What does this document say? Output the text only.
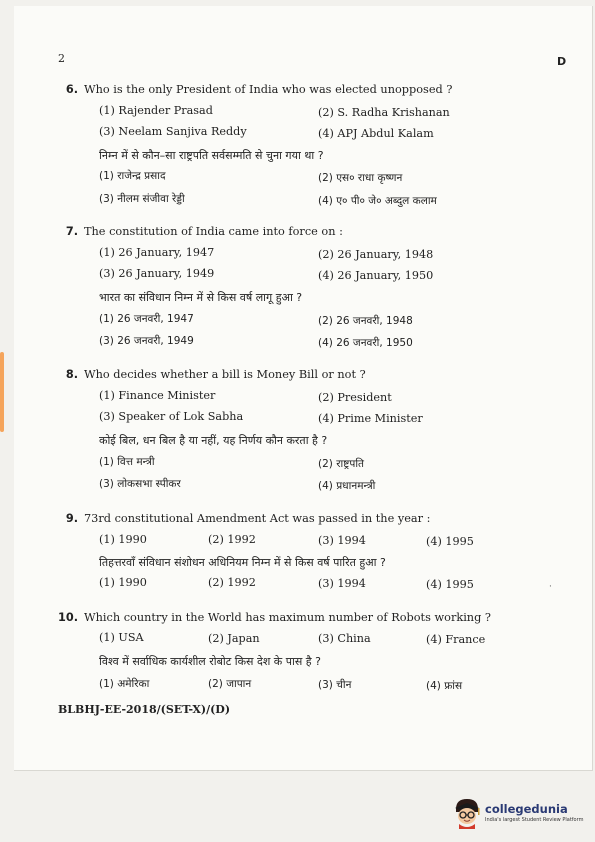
2	D
6. Who is the only President of India who was elected unopposed ?
(1) Rajender Prasad	(2) S. Radha Krishanan
(3) Neelam Sanjiva Reddy	(4) APJ Abdul Kalam
निम्न में से कौन–सा राष्ट्रपति सर्वसम्मति से चुना गया था ?
(1) राजेन्द्र प्रसाद	(2) एस० राधा कृष्णन
(3) नीलम संजीवा रेड्डी	(4) ए० पी० जे० अब्दुल कलाम
7. The constitution of India came into force on :
(1) 26 January, 1947	(2) 26 January, 1948
(3) 26 January, 1949	(4) 26 January, 1950
भारत का संविधान निम्न में से किस वर्ष लागू हुआ ?
(1) 26 जनवरी, 1947	(2) 26 जनवरी, 1948
(3) 26 जनवरी, 1949	(4) 26 जनवरी, 1950
8. Who decides whether a bill is Money Bill or not ?
(1) Finance Minister	(2) President
(3) Speaker of Lok Sabha	(4) Prime Minister
कोई बिल, धन बिल है या नहीं, यह निर्णय कौन करता है ?
(1) वित्त मन्त्री	(2) राष्ट्रपति
(3) लोकसभा स्पीकर	(4) प्रधानमन्त्री
9. 73rd constitutional Amendment Act was passed in the year :
(1) 1990	(2) 1992	(3) 1994	(4) 1995
तिहत्तरवाँ संविधान संशोधन अधिनियम निम्न में से किस वर्ष पारित हुआ ?
(1) 1990	(2) 1992	(3) 1994	(4) 1995
10. Which country in the World has maximum number of Robots working ?
(1) USA	(2) Japan	(3) China	(4) France
विश्व में सर्वाधिक कार्यशील रोबोट किस देश के पास है ?
(1) अमेरिका	(2) जापान	(3) चीन	(4) फ्रांस
BLBHJ-EE-2018/(SET-X)/(D)
·
collegedunia
India's largest Student Review Platform
